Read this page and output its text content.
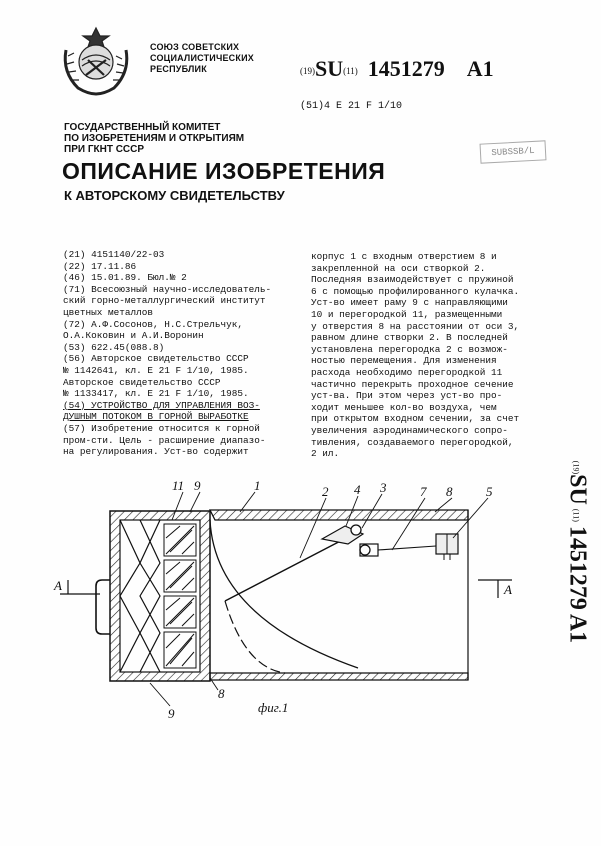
СОЮЗ СОВЕТСКИХ
СОЦИАЛИСТИЧЕСКИХ
РЕСПУБЛИК	(19)SU(11) 1451279 A1
(51)4 Е 21 F 1/10
SUBSSB/L
ГОСУДАРСТВЕННЫЙ КОМИТЕТ
ПО ИЗОБРЕТЕНИЯМ И ОТКРЫТИЯМ
ПРИ ГКНТ СССР
ОПИСАНИЕ ИЗОБРЕТЕНИЯ
К АВТОРСКОМУ СВИДЕТЕЛЬСТВУ
(21) 4151140/22-03
(22) 17.11.86
(46) 15.01.89. Бюл.№ 2
(71) Всесоюзный научно-исследователь-
ский горно-металлургический институт
цветных металлов
(72) А.Ф.Сосонов, Н.С.Стрельчук,
О.А.Коковин и А.И.Воронин
(53) 622.45(088.8)
(56) Авторское свидетельство СССР
№ 1142641, кл. Е 21 F 1/10, 1985.
Авторское свидетельство СССР
№ 1133417, кл. Е 21 F 1/10, 1985.
(54) УСТРОЙСТВО ДЛЯ УПРАВЛЕНИЯ ВОЗ-
ДУШНЫМ ПОТОКОМ В ГОРНОЙ ВЫРАБОТКЕ
(57) Изобретение относится к горной
пром-сти. Цель - расширение диапазо-
на регулирования. Уст-во содержит
корпус 1 с входным отверстием 8 и
закрепленной на оси створкой 2.
Последняя взаимодействует с пружиной
6 с помощью профилированного кулачка.
Уст-во имеет раму 9 с направляющими
10 и перегородкой 11, размещенными
у отверстия 8 на расстоянии от оси 3,
равном длине створки 2. В последней
установлена перегородка 2 с возмож-
ностью перемещения. Для изменения
расхода необходимо перегородкой 11
частично перекрыть проходное сечение
уст-ва. При этом через уст-во про-
ходит меньшее кол-во воздуха, чем
при открытом входном сечении, за счет
увеличения аэродинамического сопро-
тивления, создаваемого перегородкой,
2 ил.
(19)SU (11) 1451279 A1
11 9	1	2 4 3	7 8	5
8
9
А	А
фиг.1
